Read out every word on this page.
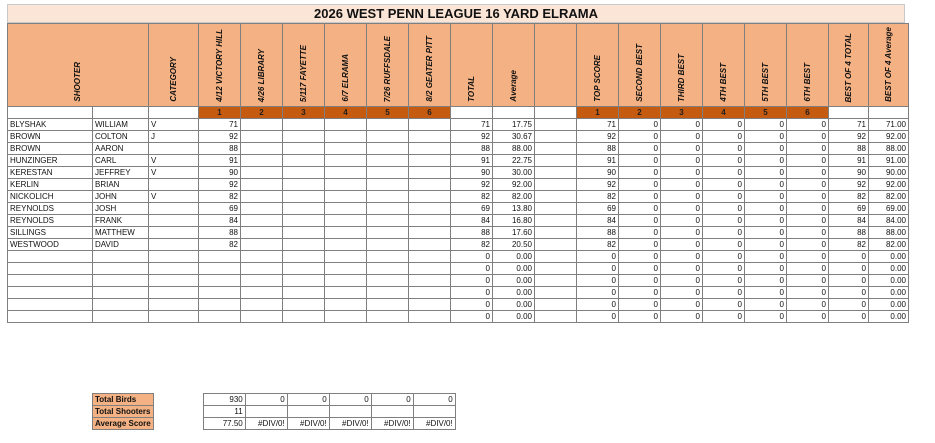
2026 WEST PENN LEAGUE 16 YARD ELRAMA
SHOOTER		CATEGORY	4/12 VICTORY HILL	4/26 LIBRARY	5/117 FAYETTE	6/7 ELRAMA	7/26 RUFFSDALE	8/2 GEATER PITT	TOTAL	Average		TOP SCORE	SECOND BEST	THIRD BEST	4TH BEST	5TH BEST	6TH BEST	BEST OF 4 TOTAL	BEST OF 4 Average

			1	2	3	4	5	6				1	2	3	4	5	6		
BLYSHAK	WILLIAM	V	71						71	17.75		71	0	0	0	0	0	71	71.00
BROWN	COLTON	J	92						92	30.67		92	0	0	0	0	0	92	92.00
BROWN	AARON		88						88	88.00		88	0	0	0	0	0	88	88.00
HUNZINGER	CARL	V	91						91	22.75		91	0	0	0	0	0	91	91.00
KERESTAN	JEFFREY	V	90						90	30.00		90	0	0	0	0	0	90	90.00
KERLIN	BRIAN		92						92	92.00		92	0	0	0	0	0	92	92.00
NICKOLICH	JOHN	V	82						82	82.00		82	0	0	0	0	0	82	82.00
REYNOLDS	JOSH		69						69	13.80		69	0	0	0	0	0	69	69.00
REYNOLDS	FRANK		84						84	16.80		84	0	0	0	0	0	84	84.00
SILLINGS	MATTHEW		88						88	17.60		88	0	0	0	0	0	88	88.00
WESTWOOD	DAVID		82						82	20.50		82	0	0	0	0	0	82	82.00
									0	0.00		0	0	0	0	0	0	0	0.00
									0	0.00		0	0	0	0	0	0	0	0.00
									0	0.00		0	0	0	0	0	0	0	0.00
									0	0.00		0	0	0	0	0	0	0	0.00
									0	0.00		0	0	0	0	0	0	0	0.00
									0	0.00		0	0	0	0	0	0	0	0.00
Total Birds		930	0	0	0	0	0
Total Shooters		11					
Average Score		77.50	#DIV/0!	#DIV/0!	#DIV/0!	#DIV/0!	#DIV/0!
